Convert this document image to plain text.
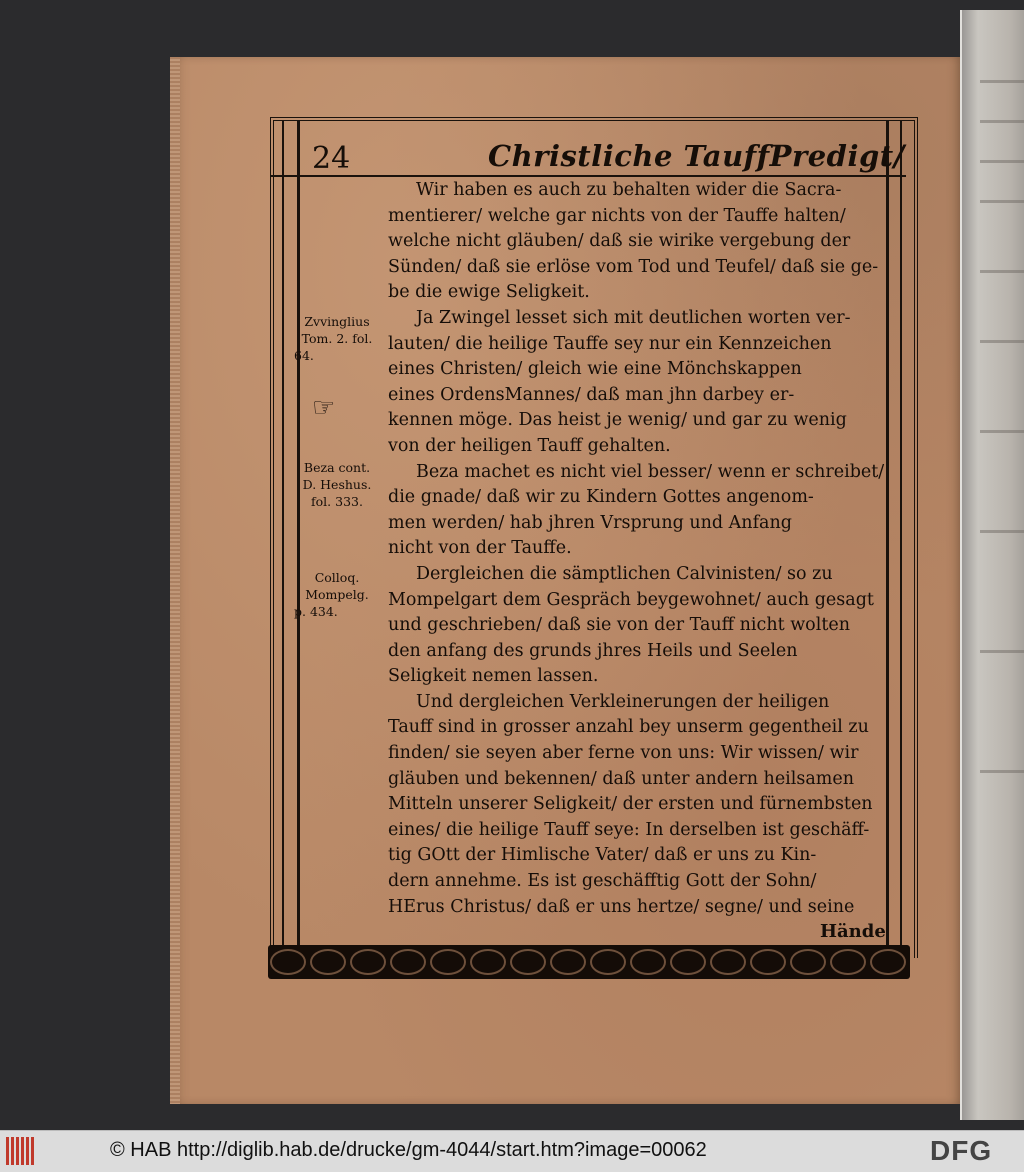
24	Christliche TauffPredigt/
Zvvinglius
Tom. 2. fol.
64.
☞
Beza cont.
D. Heshus.
fol. 333.
Colloq.
Mompelg.
p. 434.
Wir haben es auch zu behalten wider die Sacra-
mentierer/ welche gar nichts von der Tauffe halten/
welche nicht gläuben/ daß sie wirike vergebung der
Sünden/ daß sie erlöse vom Tod und Teufel/ daß sie ge-
be die ewige Seligkeit.
Ja Zwingel lesset sich mit deutlichen worten ver-
lauten/ die heilige Tauffe sey nur ein Kennzeichen
eines Christen/ gleich wie eine Mönchskappen
eines OrdensMannes/ daß man jhn darbey er-
kennen möge. Das heist je wenig/ und gar zu wenig
von der heiligen Tauff gehalten.
Beza machet es nicht viel besser/ wenn er schreibet/
die gnade/ daß wir zu Kindern Gottes angenom-
men werden/ hab jhren Vrsprung und Anfang
nicht von der Tauffe.
Dergleichen die sämptlichen Calvinisten/ so zu
Mompelgart dem Gespräch beygewohnet/ auch gesagt
und geschrieben/ daß sie von der Tauff nicht wolten
den anfang des grunds jhres Heils und Seelen
Seligkeit nemen lassen.
Und dergleichen Verkleinerungen der heiligen
Tauff sind in grosser anzahl bey unserm gegentheil zu
finden/ sie seyen aber ferne von uns: Wir wissen/ wir
gläuben und bekennen/ daß unter andern heilsamen
Mitteln unserer Seligkeit/ der ersten und fürnembsten
eines/ die heilige Tauff seye: In derselben ist geschäff-
tig GOtt der Himlische Vater/ daß er uns zu Kin-
dern annehme. Es ist geschäfftig Gott der Sohn/
HErus Christus/ daß er uns hertze/ segne/ und seine
Hände
© HAB http://diglib.hab.de/drucke/gm-4044/start.htm?image=00062	DFG
